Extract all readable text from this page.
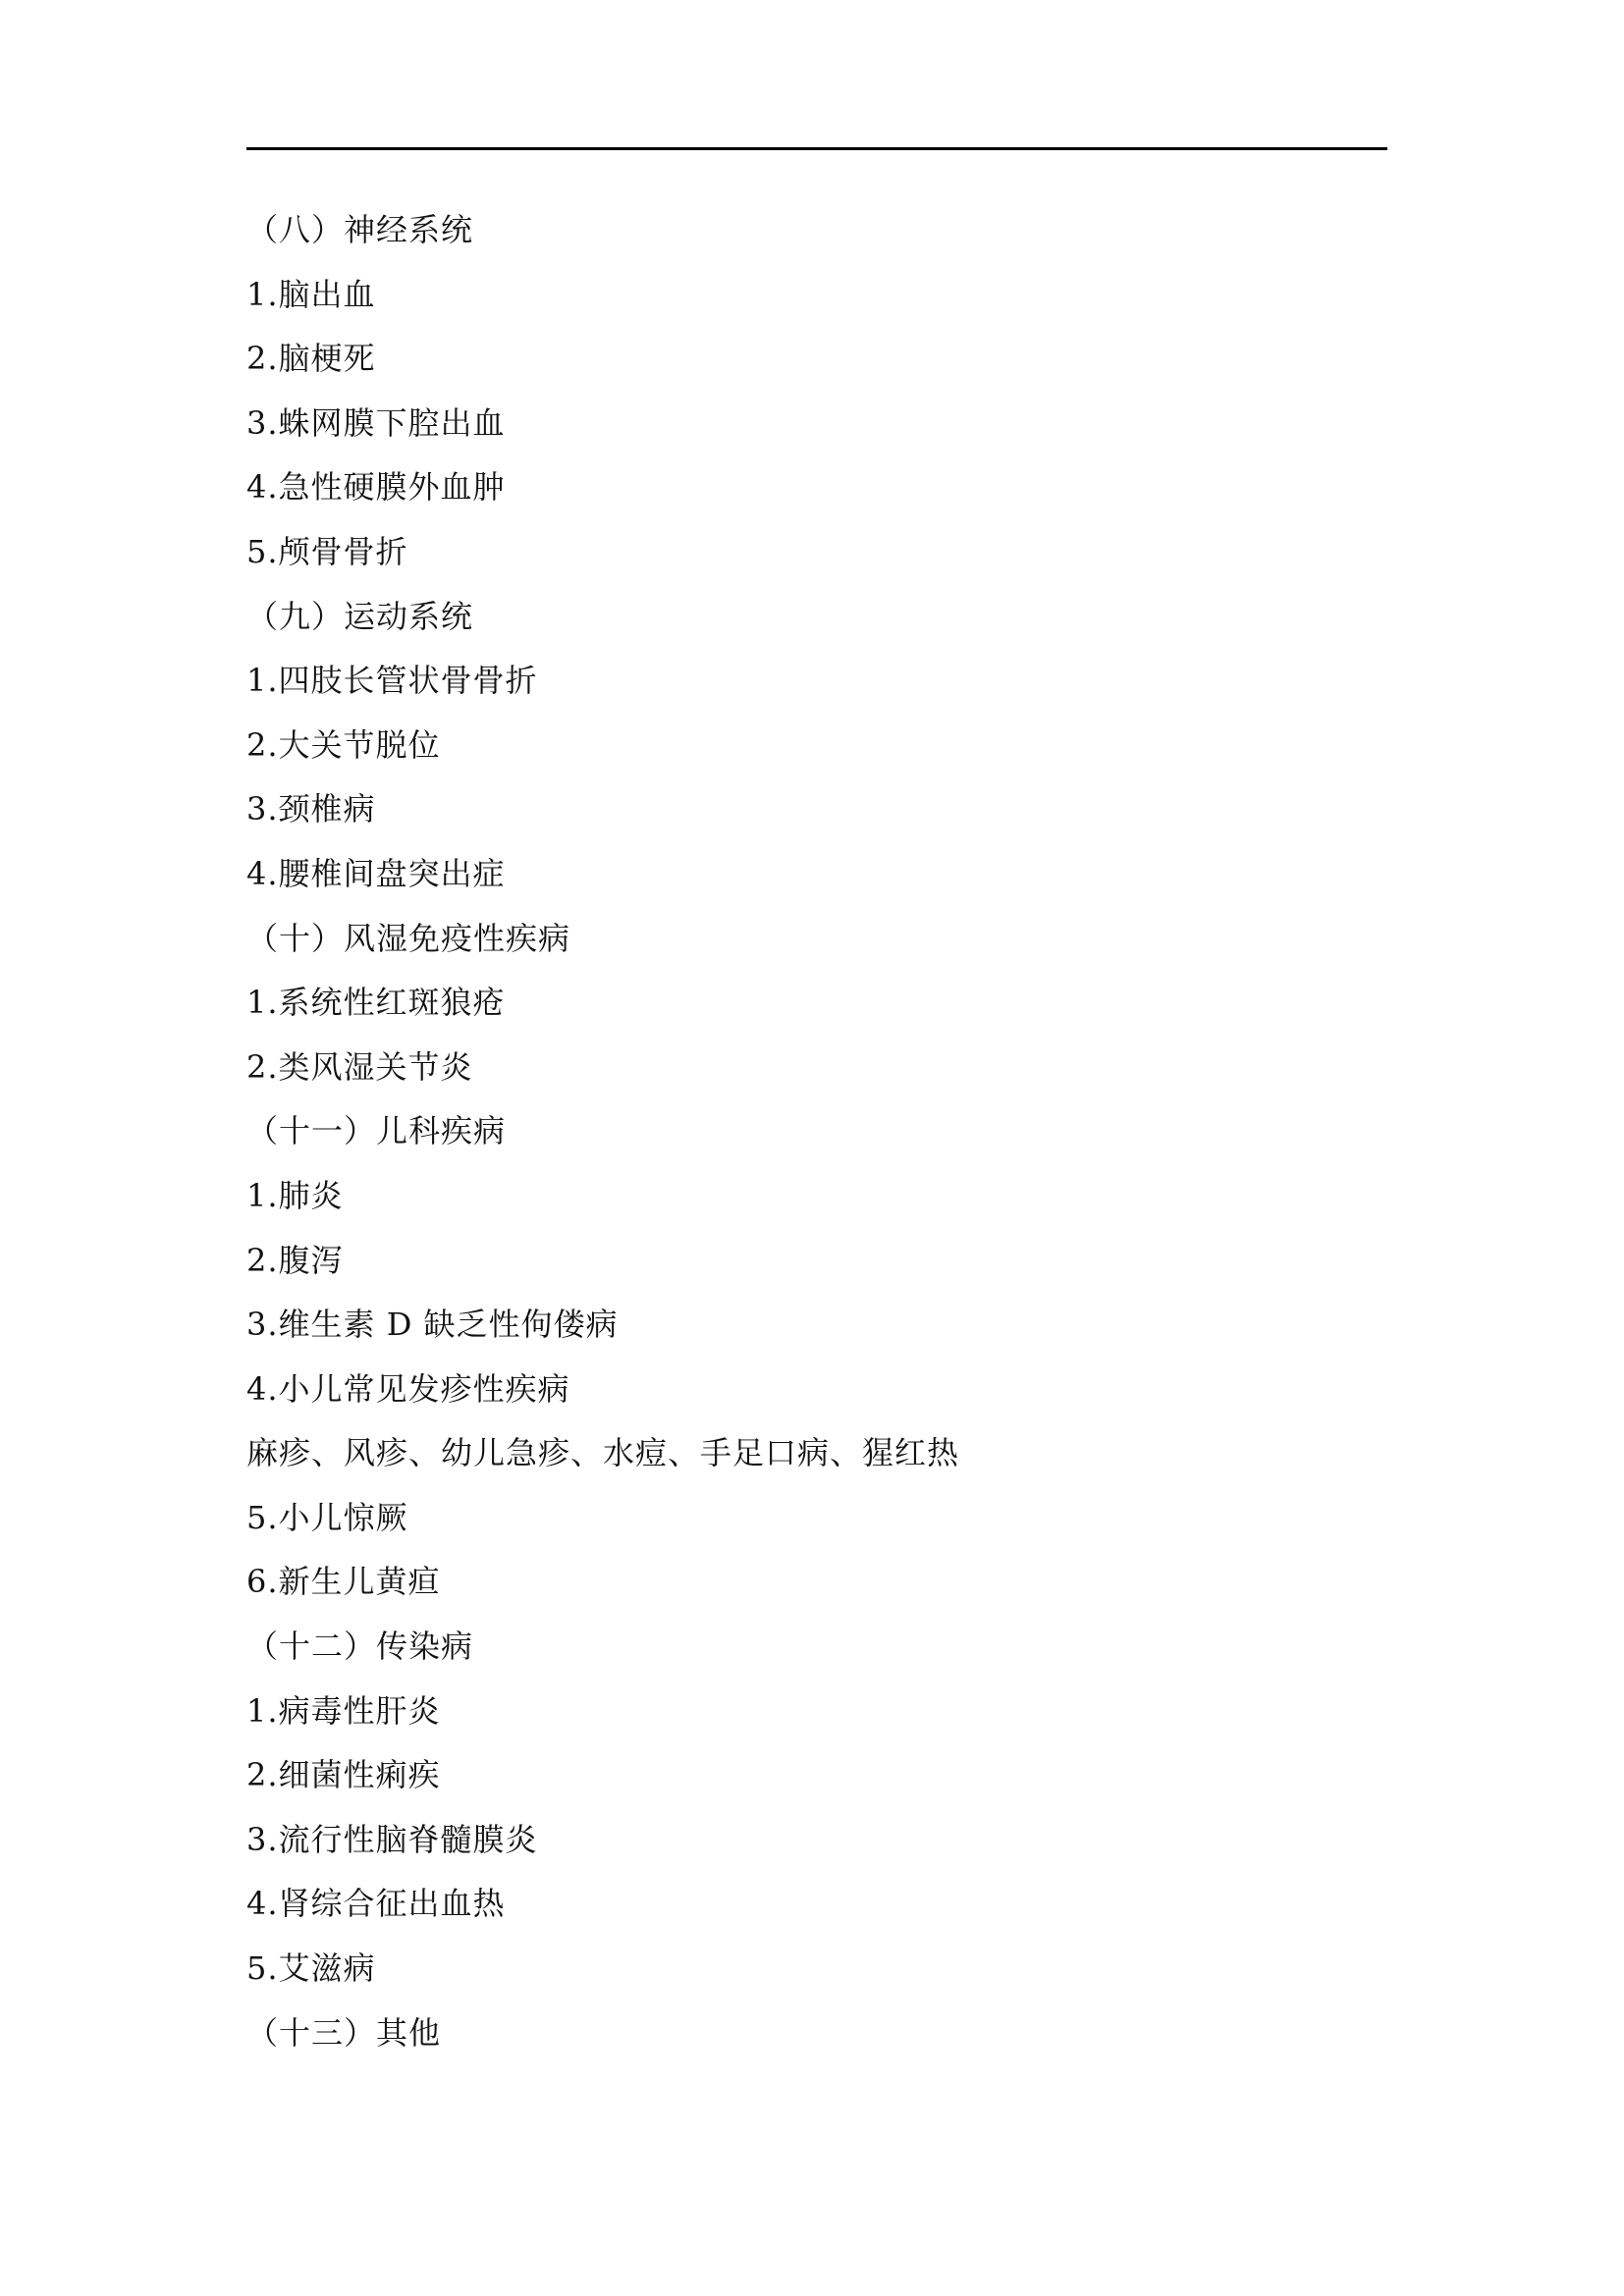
（八）神经系统
1.脑出血
2.脑梗死
3.蛛网膜下腔出血
4.急性硬膜外血肿
5.颅骨骨折
（九）运动系统
1.四肢长管状骨骨折
2.大关节脱位
3.颈椎病
4.腰椎间盘突出症
（十）风湿免疫性疾病
1.系统性红斑狼疮
2.类风湿关节炎
（十一）儿科疾病
1.肺炎
2.腹泻
3.维生素 D 缺乏性佝偻病
4.小儿常见发疹性疾病
麻疹、风疹、幼儿急疹、水痘、手足口病、猩红热
5.小儿惊厥
6.新生儿黄疸
（十二）传染病
1.病毒性肝炎
2.细菌性痢疾
3.流行性脑脊髓膜炎
4.肾综合征出血热
5.艾滋病
（十三）其他
